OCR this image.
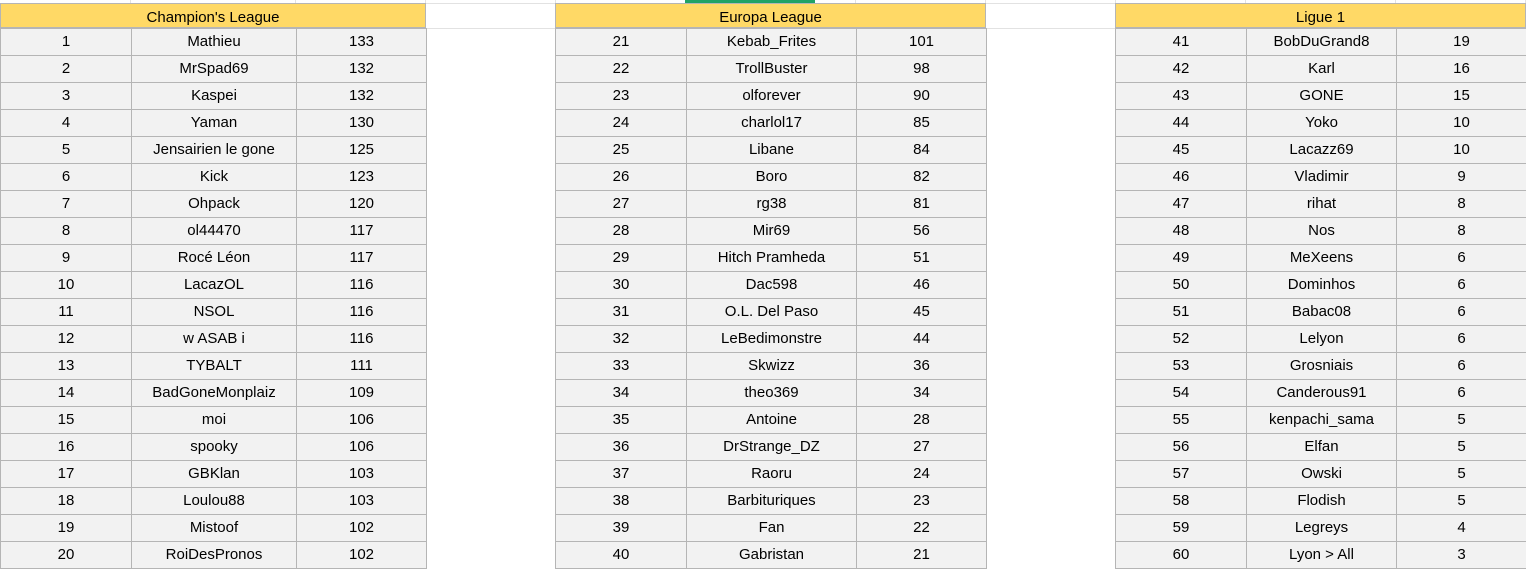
Champion's League
1	Mathieu	133
2	MrSpad69	132
3	Kaspei	132
4	Yaman	130
5	Jensairien le gone	125
6	Kick	123
7	Ohpack	120
8	ol44470	117
9	Rocé Léon	117
10	LacazOL	116
11	NSOL	116
12	w ASAB i	116
13	TYBALT	111
14	BadGoneMonplaiz	109
15	moi	106
16	spooky	106
17	GBKlan	103
18	Loulou88	103
19	Mistoof	102
20	RoiDesPronos	102
Europa League
21	Kebab_Frites	101
22	TrollBuster	98
23	olforever	90
24	charlol17	85
25	Libane	84
26	Boro	82
27	rg38	81
28	Mir69	56
29	Hitch Pramheda	51
30	Dac598	46
31	O.L. Del Paso	45
32	LeBedimonstre	44
33	Skwizz	36
34	theo369	34
35	Antoine	28
36	DrStrange_DZ	27
37	Raoru	24
38	Barbituriques	23
39	Fan	22
40	Gabristan	21
Ligue 1
41	BobDuGrand8	19
42	Karl	16
43	GONE	15
44	Yoko	10
45	Lacazz69	10
46	Vladimir	9
47	rihat	8
48	Nos	8
49	MeXeens	6
50	Dominhos	6
51	Babac08	6
52	Lelyon	6
53	Grosniais	6
54	Canderous91	6
55	kenpachi_sama	5
56	Elfan	5
57	Owski	5
58	Flodish	5
59	Legreys	4
60	Lyon > All	3
